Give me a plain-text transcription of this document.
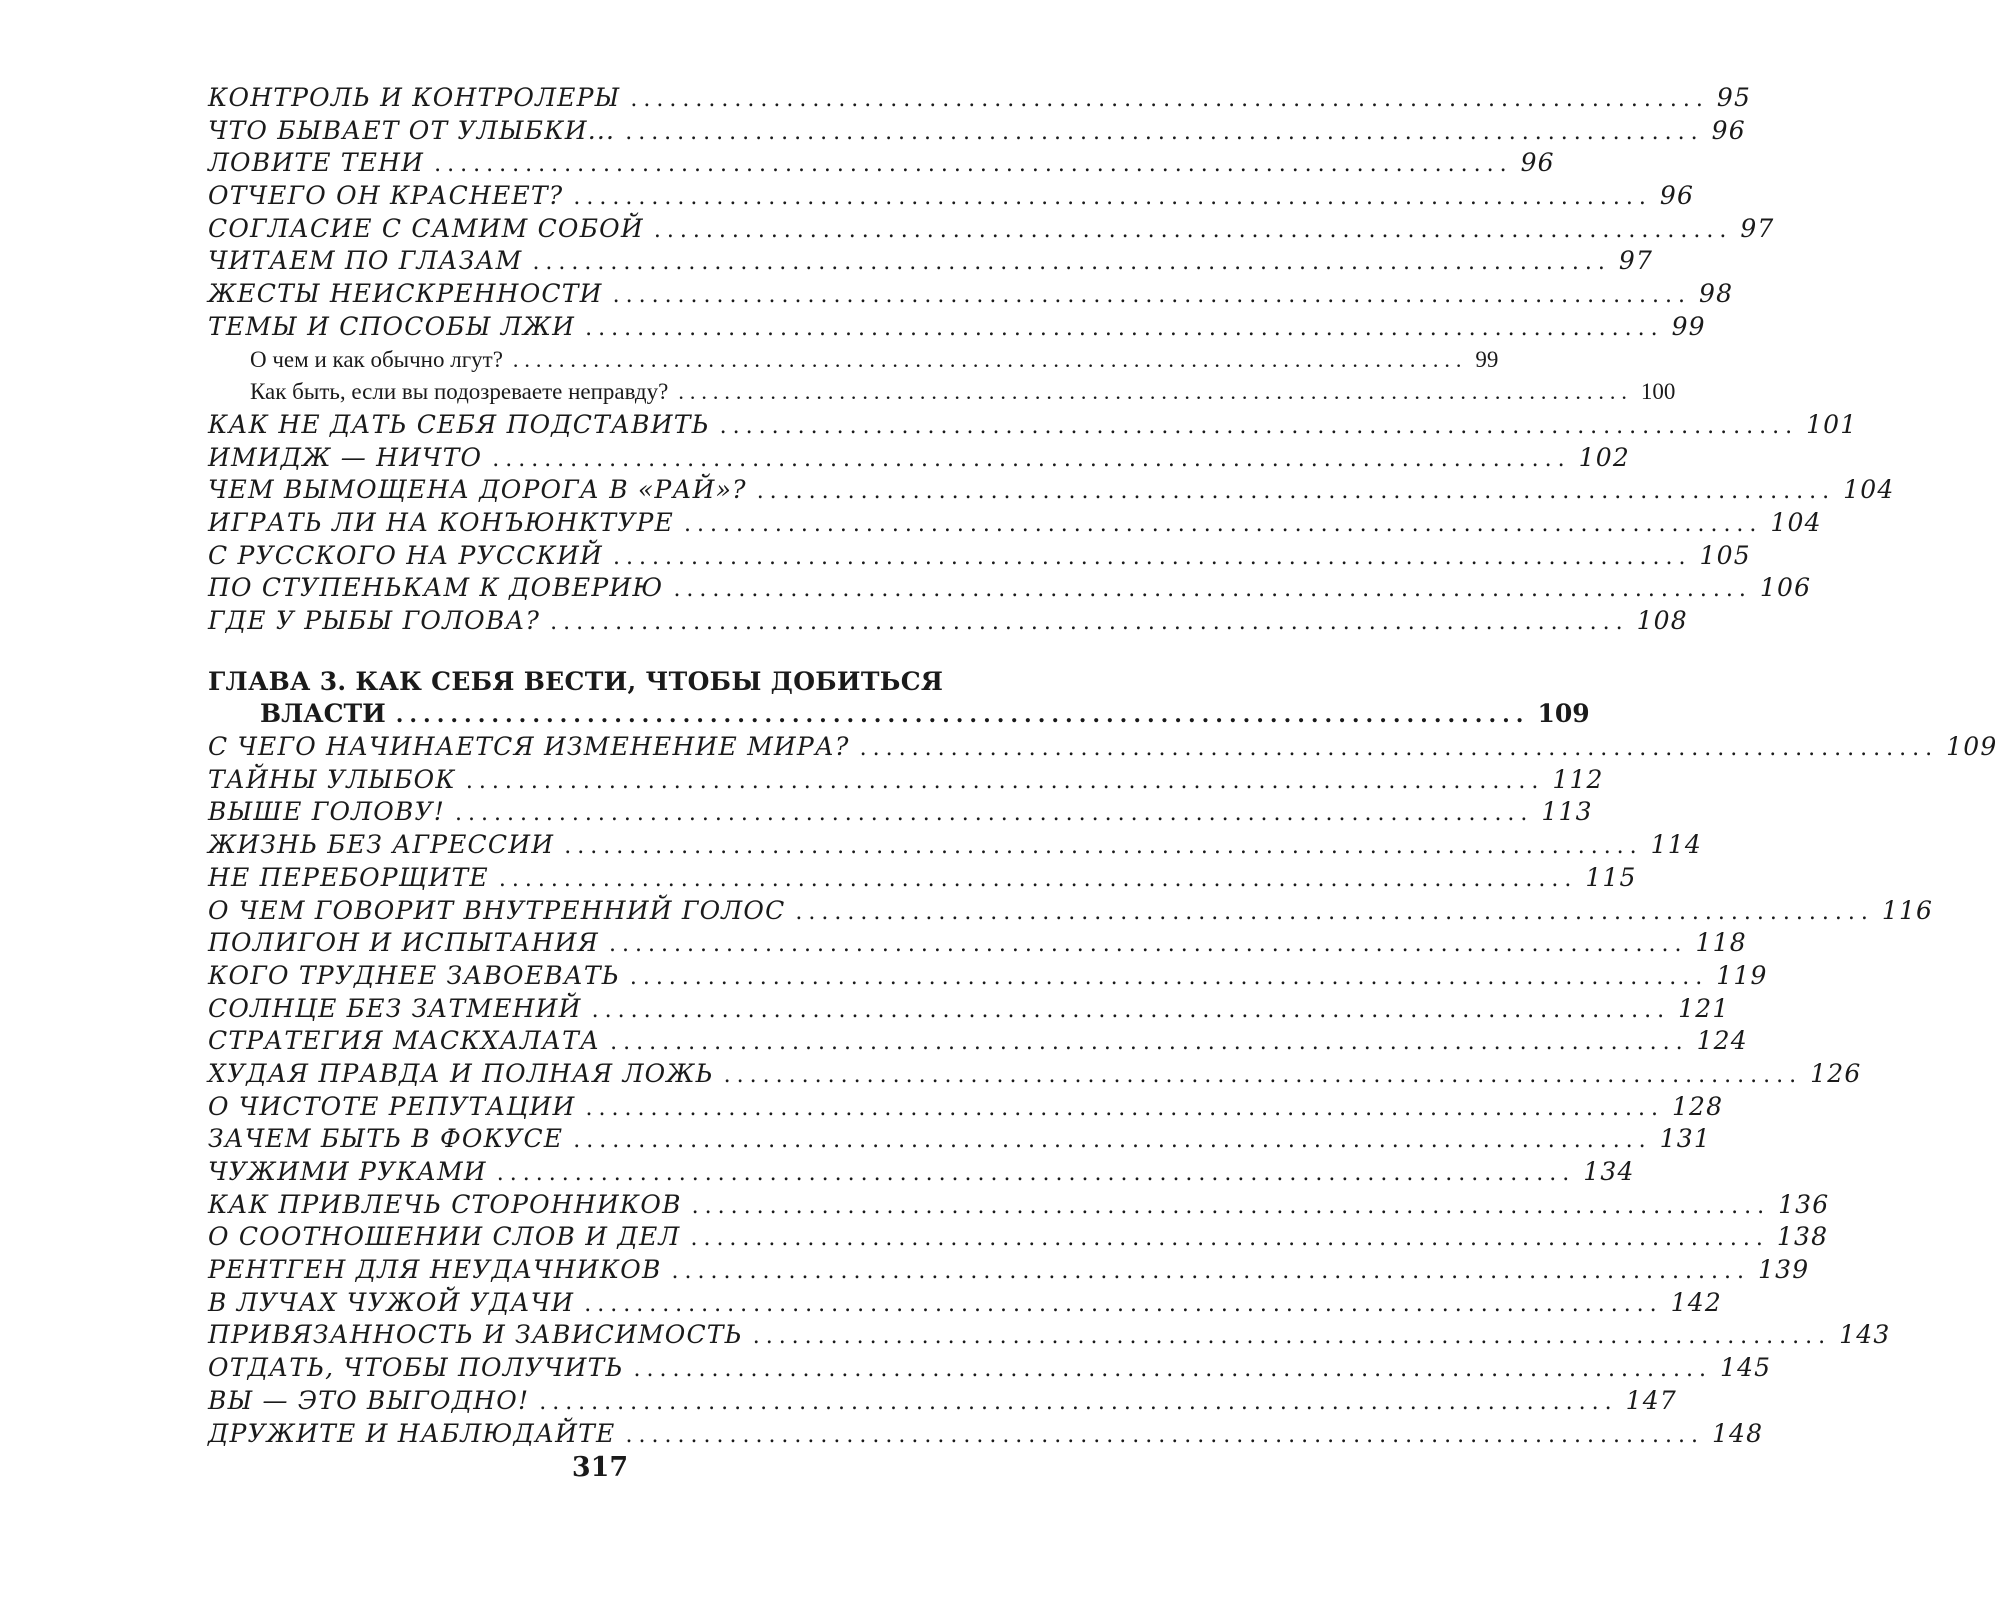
КОНТРОЛЬ И КОНТРОЛЕРЫ ................................................................................... 95
ЧТО БЫВАЕТ ОТ УЛЫБКИ... ................................................................................... 96
ЛОВИТЕ ТЕНИ ................................................................................... 96
ОТЧЕГО ОН КРАСНЕЕТ? ................................................................................... 96
СОГЛАСИЕ С САМИМ СОБОЙ ................................................................................... 97
ЧИТАЕМ ПО ГЛАЗАМ ................................................................................... 97
ЖЕСТЫ НЕИСКРЕННОСТИ ................................................................................... 98
ТЕМЫ И СПОСОБЫ ЛЖИ ................................................................................... 99
О чем и как обычно лгут? ................................................................................... 99
Как быть, если вы подозреваете неправду? ................................................................................... 100
КАК НЕ ДАТЬ СЕБЯ ПОДСТАВИТЬ ................................................................................... 101
ИМИДЖ — НИЧТО ................................................................................... 102
ЧЕМ ВЫМОЩЕНА ДОРОГА В «РАЙ»? ................................................................................... 104
ИГРАТЬ ЛИ НА КОНЪЮНКТУРЕ ................................................................................... 104
С РУССКОГО НА РУССКИЙ ................................................................................... 105
ПО СТУПЕНЬКАМ К ДОВЕРИЮ ................................................................................... 106
ГДЕ У РЫБЫ ГОЛОВА? ................................................................................... 108
ГЛАВА 3. КАК СЕБЯ ВЕСТИ, ЧТОБЫ ДОБИТЬСЯ
ВЛАСТИ ................................................................................... 109
С ЧЕГО НАЧИНАЕТСЯ ИЗМЕНЕНИЕ МИРА? ................................................................................... 109
ТАЙНЫ УЛЫБОК ................................................................................... 112
ВЫШЕ ГОЛОВУ! ................................................................................... 113
ЖИЗНЬ БЕЗ АГРЕССИИ ................................................................................... 114
НЕ ПЕРЕБОРЩИТЕ ................................................................................... 115
О ЧЕМ ГОВОРИТ ВНУТРЕННИЙ ГОЛОС ................................................................................... 116
ПОЛИГОН И ИСПЫТАНИЯ ................................................................................... 118
КОГО ТРУДНЕЕ ЗАВОЕВАТЬ ................................................................................... 119
СОЛНЦЕ БЕЗ ЗАТМЕНИЙ ................................................................................... 121
СТРАТЕГИЯ МАСКХАЛАТА ................................................................................... 124
ХУДАЯ ПРАВДА И ПОЛНАЯ ЛОЖЬ ................................................................................... 126
О ЧИСТОТЕ РЕПУТАЦИИ ................................................................................... 128
ЗАЧЕМ БЫТЬ В ФОКУСЕ ................................................................................... 131
ЧУЖИМИ РУКАМИ ................................................................................... 134
КАК ПРИВЛЕЧЬ СТОРОННИКОВ ................................................................................... 136
О СООТНОШЕНИИ СЛОВ И ДЕЛ ................................................................................... 138
РЕНТГЕН ДЛЯ НЕУДАЧНИКОВ ................................................................................... 139
В ЛУЧАХ ЧУЖОЙ УДАЧИ ................................................................................... 142
ПРИВЯЗАННОСТЬ И ЗАВИСИМОСТЬ ................................................................................... 143
ОТДАТЬ, ЧТОБЫ ПОЛУЧИТЬ ................................................................................... 145
ВЫ — ЭТО ВЫГОДНО! ................................................................................... 147
ДРУЖИТЕ И НАБЛЮДАЙТЕ ................................................................................... 148
317
